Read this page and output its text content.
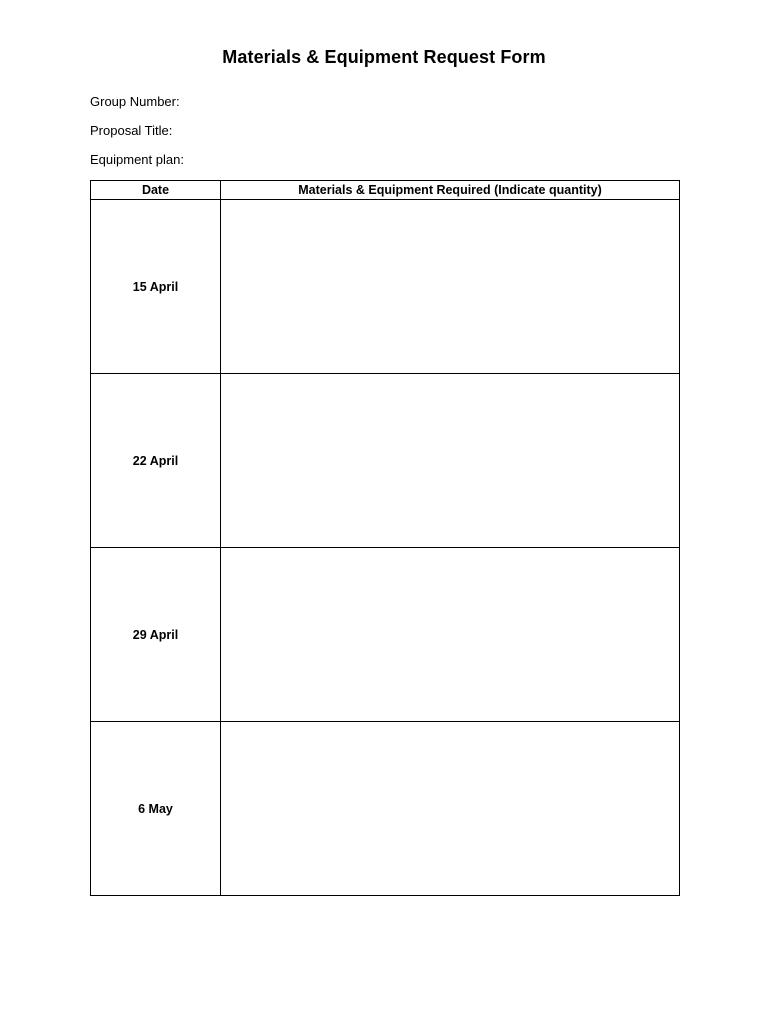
Materials & Equipment Request Form
Group Number:
Proposal Title:
Equipment plan:
Date	Materials & Equipment Required (Indicate quantity)
15 April	
22 April	
29 April	
6 May	
